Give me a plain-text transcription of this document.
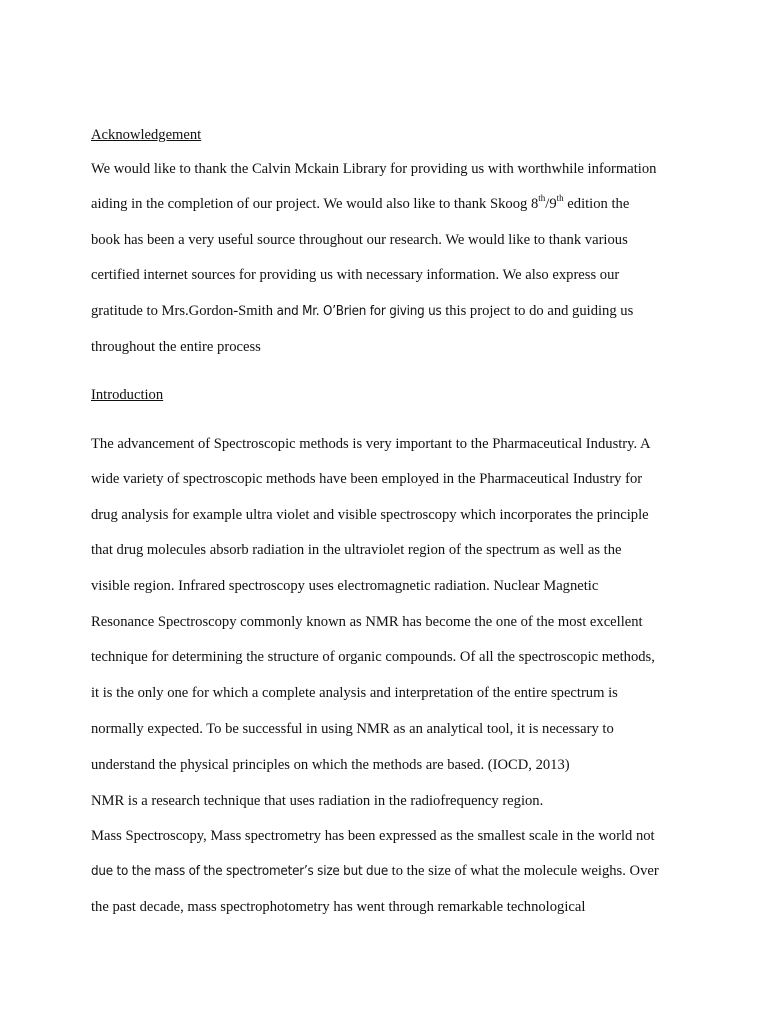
Acknowledgement
We would like to thank the Calvin Mckain Library for providing us with worthwhile information
aiding in the completion of our project. We would also like to thank Skoog 8th/9th edition the
book has been a very useful source throughout our research. We would like to thank various
certified internet sources for providing us with necessary information. We also express our
gratitude to Mrs.Gordon-Smith and Mr. O’Brien for giving us this project to do and guiding us
throughout the entire process
Introduction
The advancement of Spectroscopic methods is very important to the Pharmaceutical Industry. A
wide variety of spectroscopic methods have been employed in the Pharmaceutical Industry for
drug analysis for example ultra violet and visible spectroscopy which incorporates the principle
that drug molecules absorb radiation in the ultraviolet region of the spectrum as well as the
visible region. Infrared spectroscopy uses electromagnetic radiation. Nuclear Magnetic
Resonance Spectroscopy commonly known as NMR has become the one of the most excellent
technique for determining the structure of organic compounds. Of all the spectroscopic methods,
it is the only one for which a complete analysis and interpretation of the entire spectrum is
normally expected. To be successful in using NMR as an analytical tool, it is necessary to
understand the physical principles on which the methods are based. (IOCD, 2013)
NMR is a research technique that uses radiation in the radiofrequency region.
Mass Spectroscopy, Mass spectrometry has been expressed as the smallest scale in the world not
due to the mass of the spectrometer’s size but due to the size of what the molecule weighs. Over
the past decade, mass spectrophotometry has went through remarkable technological
